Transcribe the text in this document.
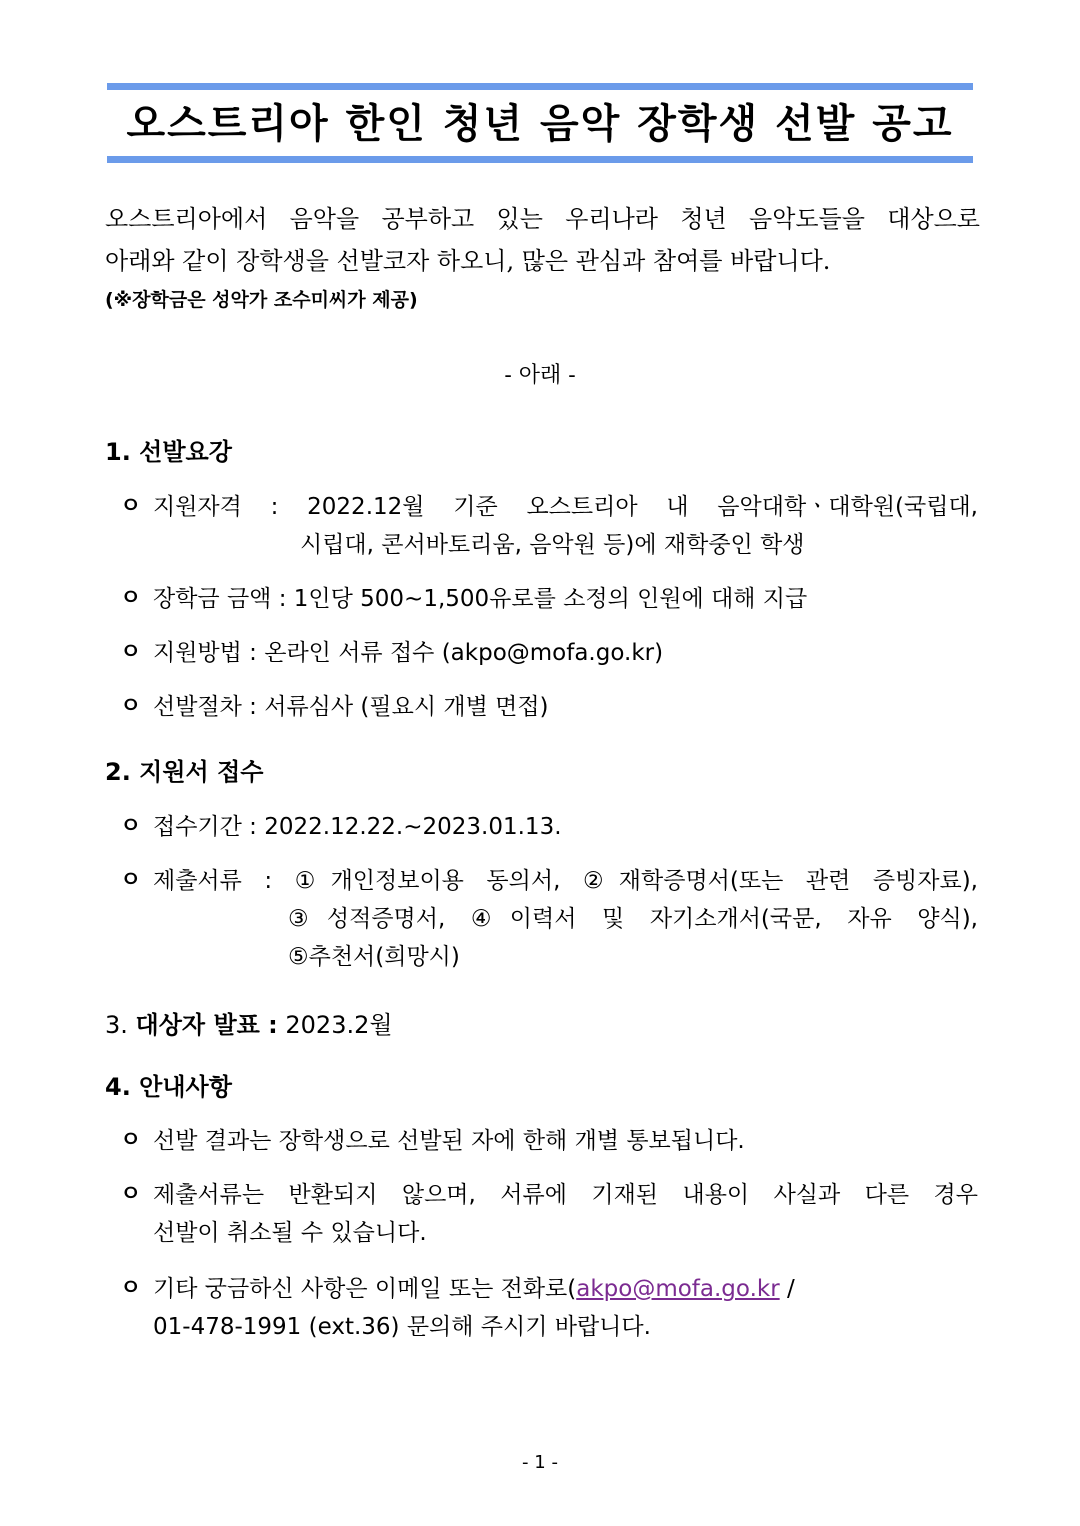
오스트리아 한인 청년 음악 장학생 선발 공고
오스트리아에서 음악을 공부하고 있는 우리나라 청년 음악도들을 대상으로
아래와 같이 장학생을 선발코자 하오니, 많은 관심과 참여를 바랍니다.
(※장학금은 성악가 조수미씨가 제공)
- 아래 -
1. 선발요강
ㅇ 지원자격 : 2022.12월 기준 오스트리아 내 음악대학ㆍ대학원(국립대,
시립대, 콘서바토리움, 음악원 등)에 재학중인 학생
ㅇ 장학금 금액 : 1인당 500~1,500유로를 소정의 인원에 대해 지급
ㅇ 지원방법 : 온라인 서류 접수 (akpo@mofa.go.kr)
ㅇ 선발절차 : 서류심사 (필요시 개별 면접)
2. 지원서 접수
ㅇ 접수기간 : 2022.12.22.~2023.01.13.
ㅇ 제출서류 : ①개인정보이용 동의서, ②재학증명서(또는 관련 증빙자료),
③성적증명서, ④이력서 및 자기소개서(국문, 자유 양식),
⑤추천서(희망시)
3. 대상자 발표 : 2023.2월
4. 안내사항
ㅇ 선발 결과는 장학생으로 선발된 자에 한해 개별 통보됩니다.
ㅇ 제출서류는 반환되지 않으며, 서류에 기재된 내용이 사실과 다른 경우
선발이 취소될 수 있습니다.
ㅇ 기타 궁금하신 사항은 이메일 또는 전화로(akpo@mofa.go.kr /
01-478-1991 (ext.36) 문의해 주시기 바랍니다.
- 1 -
